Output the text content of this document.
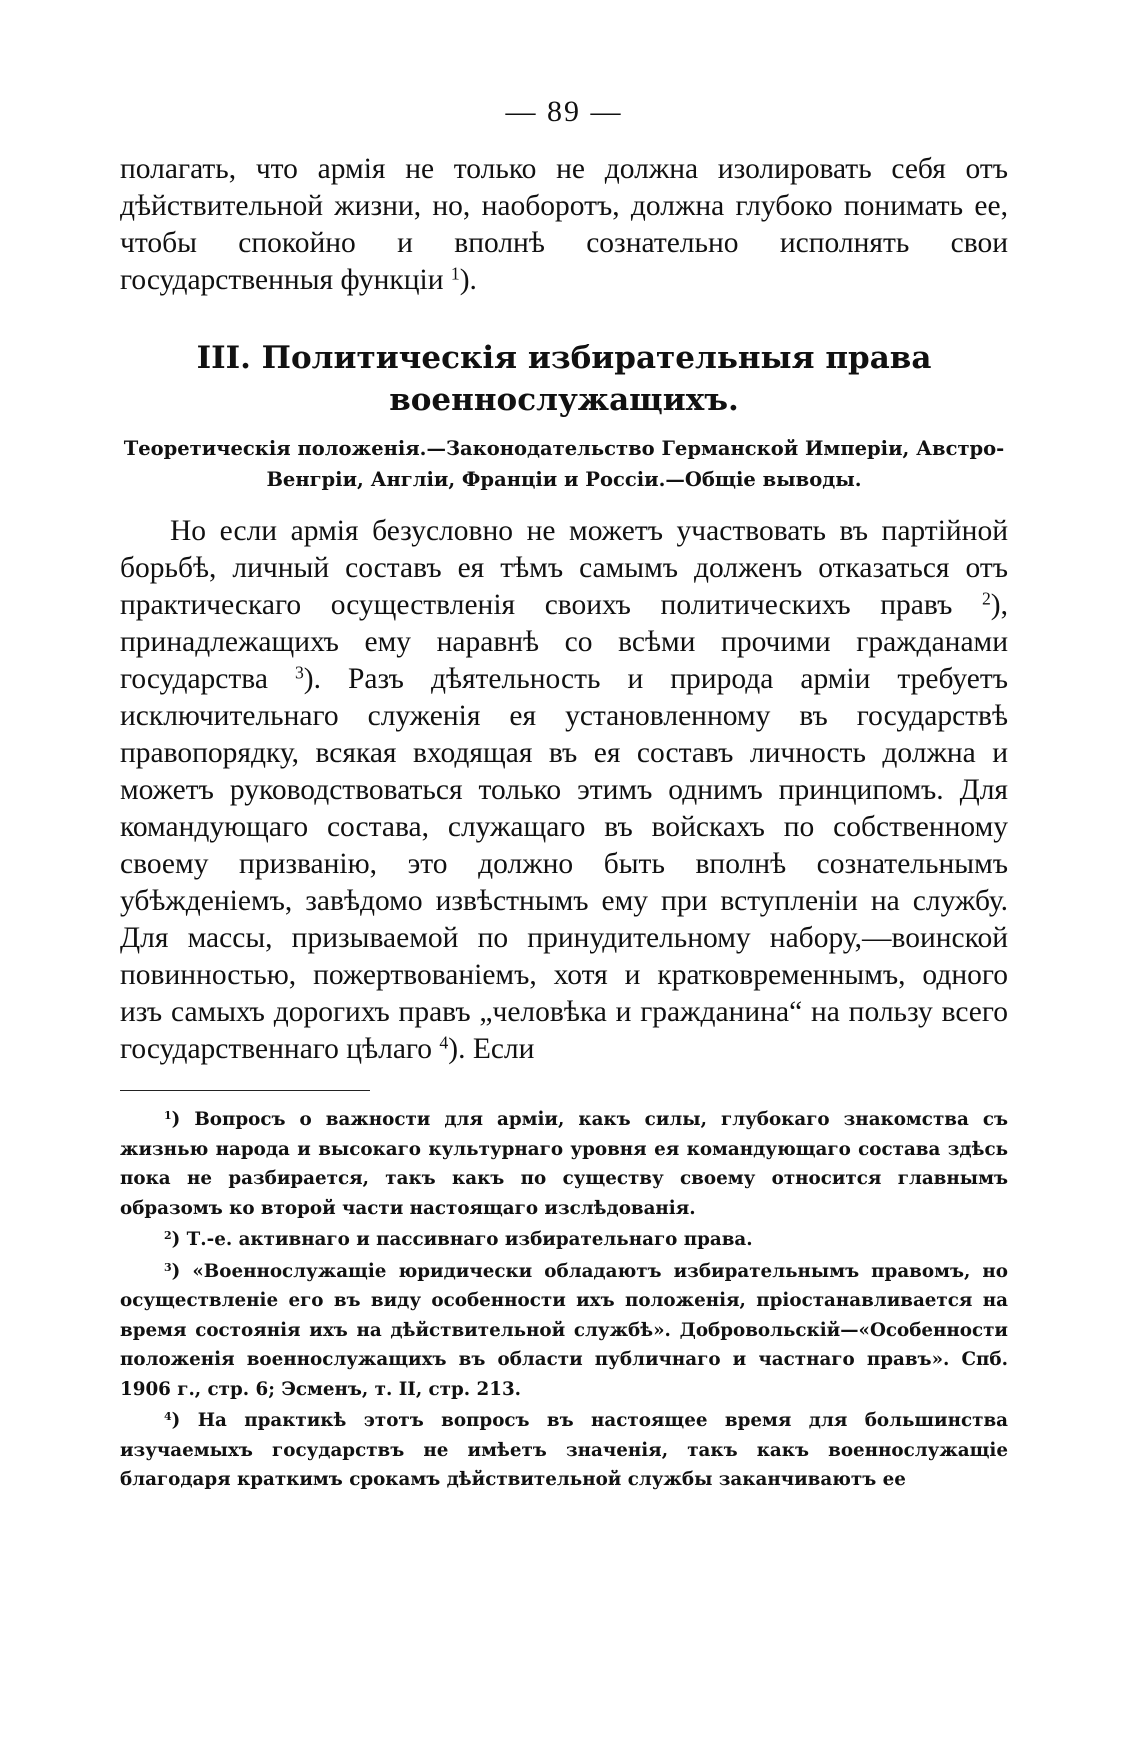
— 89 —

полагать, что армія не только не должна изолировать себя отъ дѣйствительной жизни, но, наоборотъ, должна глубоко понимать ее, чтобы спокойно и вполнѣ сознательно исполнять свои государственныя функціи $^1$).

III. Политическія избирательныя права военнослужащихъ.
Теоретическія положенія.—Законодательство Германской Имперіи, Австро-Венгріи, Англіи, Франціи и Россіи.—Общіе выводы.

Но если армія безусловно не можетъ участвовать въ партійной борьбѣ, личный составъ ея тѣмъ самымъ долженъ отказаться отъ практическаго осуществленія своихъ политическихъ правъ $^2$), принадлежащихъ ему наравнѣ со всѣми прочими гражданами государства $^3$). Разъ дѣятельность и природа арміи требуетъ исключительнаго служенія ея установленному въ государствѣ правопорядку, всякая входящая въ ея составъ личность должна и можетъ руководствоваться только этимъ однимъ принципомъ. Для командующаго состава, служащаго въ войскахъ по собственному своему призванію, это должно быть вполнѣ сознательнымъ убѣжденіемъ, завѣдомо извѣстнымъ ему при вступленіи на службу. Для массы, призываемой по принудительному набору,—воинской повинностью, пожертвованіемъ, хотя и кратковременнымъ, одного изъ самыхъ дорогихъ правъ „человѣка и гражданина“ на пользу всего государственнаго цѣлаго $^4$). Если

$^1$) Вопросъ о важности для арміи, какъ силы, глубокаго знакомства съ жизнью народа и высокаго культурнаго уровня ея командующаго состава здѣсь пока не разбирается, такъ какъ по существу своему относится главнымъ образомъ ко второй части настоящаго изслѣдованія.

$^2$) Т.-е. активнаго и пассивнаго избирательнаго права.

$^3$) «Военнослужащіе юридически обладаютъ избирательнымъ правомъ, но осуществленіе его въ виду особенности ихъ положенія, пріостанавливается на время состоянія ихъ на дѣйствительной службѣ». Добровольскій—«Особенности положенія военнослужащихъ въ области публичнаго и частнаго правъ». Спб. 1906 г., стр. 6; Эсменъ, т. II, стр. 213.

$^4$) На практикѣ этотъ вопросъ въ настоящее время для большинства изучаемыхъ государствъ не имѣетъ значенія, такъ какъ военнослужащіе благодаря краткимъ срокамъ дѣйствительной службы заканчиваютъ ее
